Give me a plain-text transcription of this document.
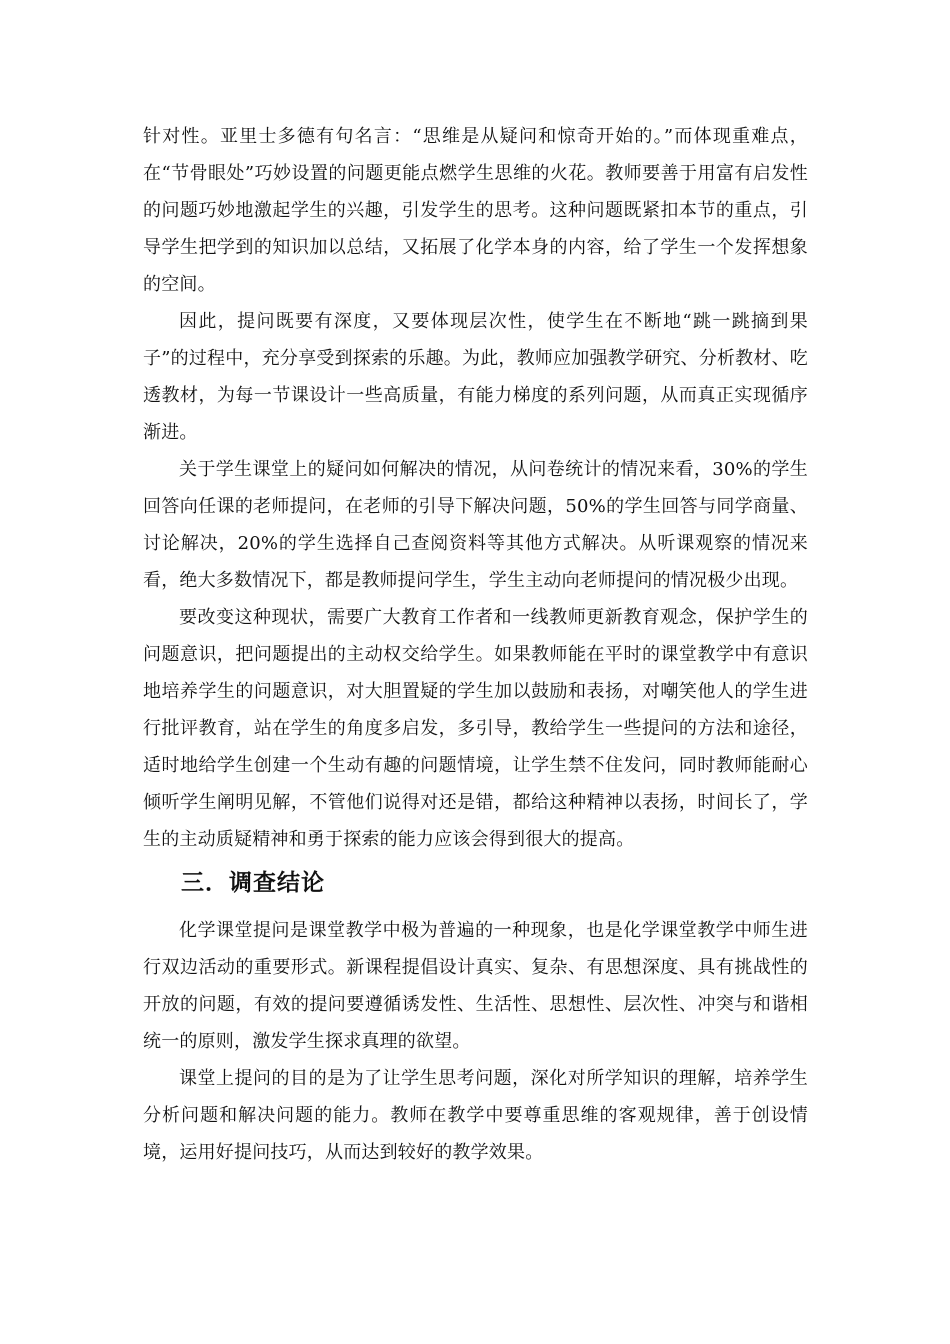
针对性。亚里士多德有句名言：“思维是从疑问和惊奇开始的。”而体现重难点，在“节骨眼处”巧妙设置的问题更能点燃学生思维的火花。教师要善于用富有启发性的问题巧妙地激起学生的兴趣，引发学生的思考。这种问题既紧扣本节的重点，引导学生把学到的知识加以总结，又拓展了化学本身的内容，给了学生一个发挥想象的空间。

因此，提问既要有深度，又要体现层次性，使学生在不断地“跳一跳摘到果子”的过程中，充分享受到探索的乐趣。为此，教师应加强教学研究、分析教材、吃透教材，为每一节课设计一些高质量，有能力梯度的系列问题，从而真正实现循序渐进。

关于学生课堂上的疑问如何解决的情况，从问卷统计的情况来看，30%的学生回答向任课的老师提问，在老师的引导下解决问题，50%的学生回答与同学商量、讨论解决，20%的学生选择自己查阅资料等其他方式解决。从听课观察的情况来看，绝大多数情况下，都是教师提问学生，学生主动向老师提问的情况极少出现。

要改变这种现状，需要广大教育工作者和一线教师更新教育观念，保护学生的问题意识，把问题提出的主动权交给学生。如果教师能在平时的课堂教学中有意识地培养学生的问题意识，对大胆置疑的学生加以鼓励和表扬，对嘲笑他人的学生进行批评教育，站在学生的角度多启发，多引导，教给学生一些提问的方法和途径，适时地给学生创建一个生动有趣的问题情境，让学生禁不住发问，同时教师能耐心倾听学生阐明见解，不管他们说得对还是错，都给这种精神以表扬，时间长了，学生的主动质疑精神和勇于探索的能力应该会得到很大的提高。

三．调查结论

化学课堂提问是课堂教学中极为普遍的一种现象，也是化学课堂教学中师生进行双边活动的重要形式。新课程提倡设计真实、复杂、有思想深度、具有挑战性的开放的问题，有效的提问要遵循诱发性、生活性、思想性、层次性、冲突与和谐相统一的原则，激发学生探求真理的欲望。

课堂上提问的目的是为了让学生思考问题，深化对所学知识的理解，培养学生分析问题和解决问题的能力。教师在教学中要尊重思维的客观规律，善于创设情境，运用好提问技巧，从而达到较好的教学效果。
